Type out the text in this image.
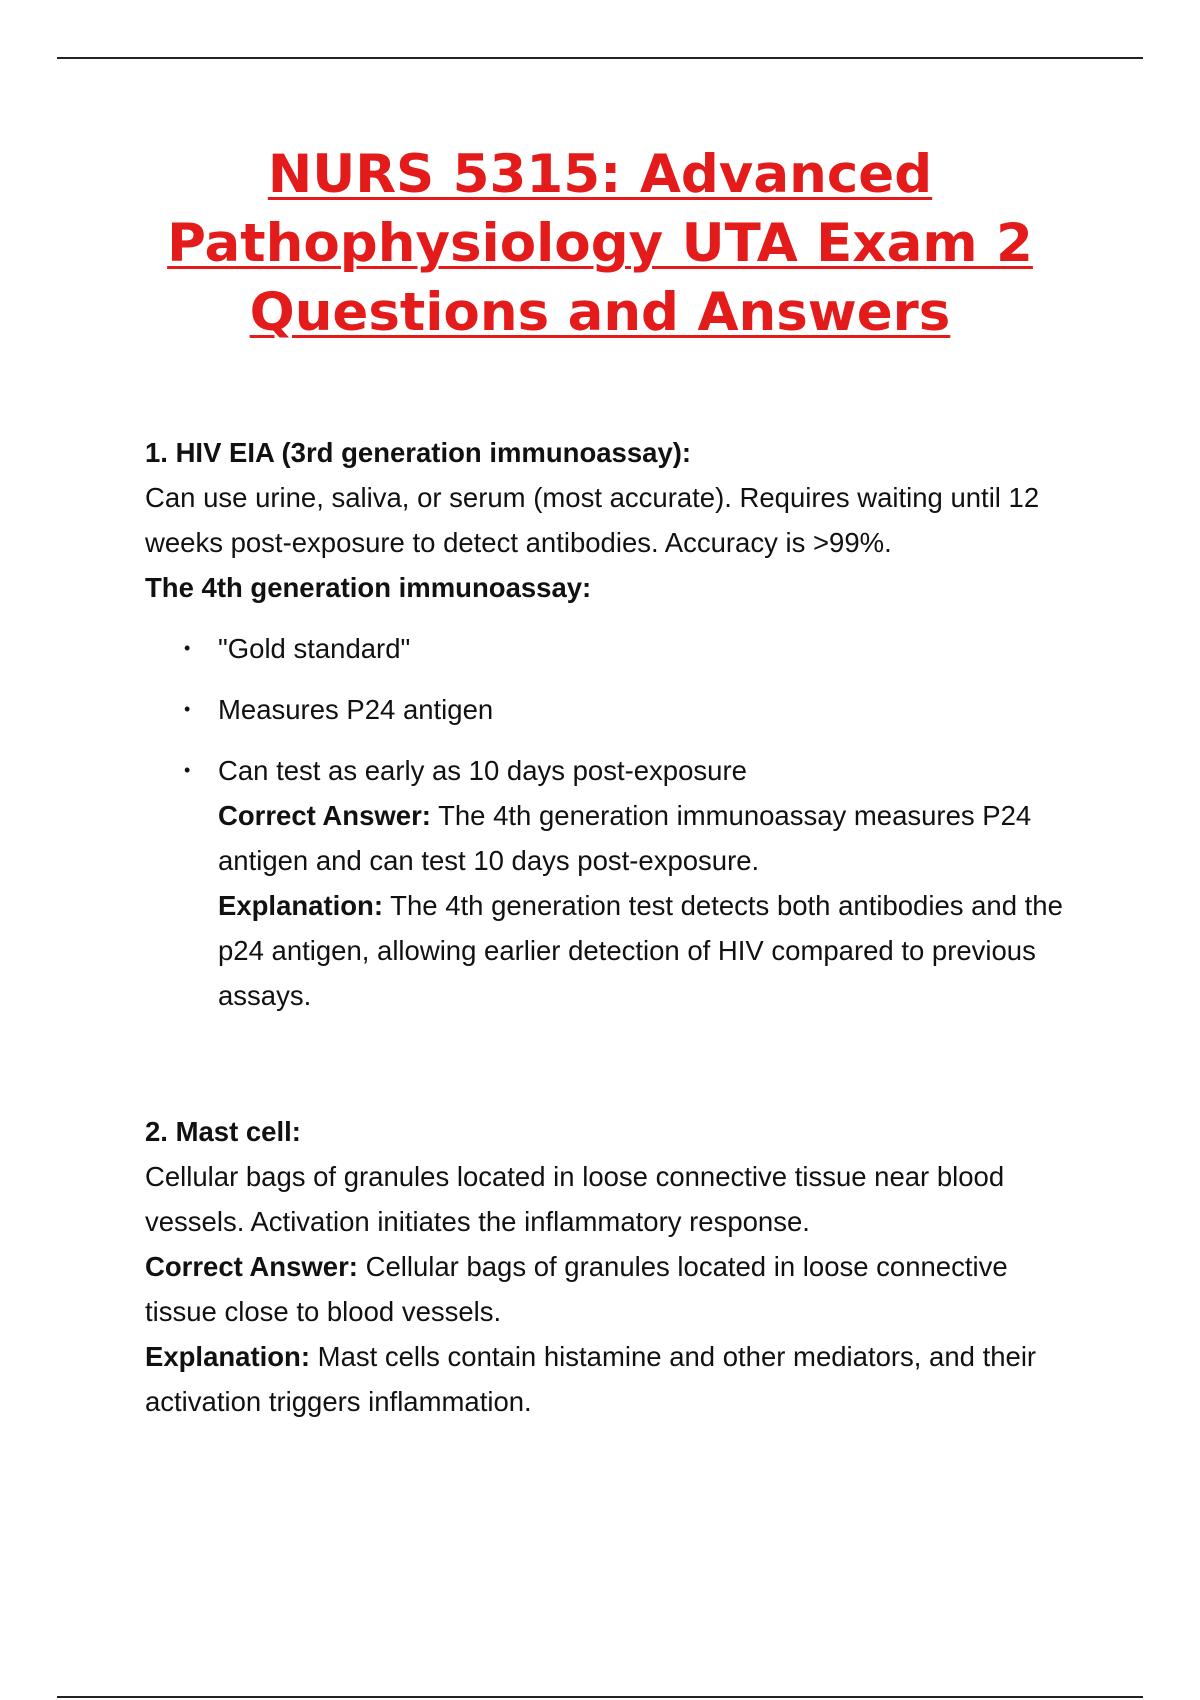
NURS 5315: Advanced
Pathophysiology UTA Exam 2
Questions and Answers

1. HIV EIA (3rd generation immunoassay):

Can use urine, saliva, or serum (most accurate). Requires waiting until 12 weeks post-exposure to detect antibodies. Accuracy is >99%.

The 4th generation immunoassay:

• "Gold standard"
• Measures P24 antigen
• Can test as early as 10 days post-exposure

Correct Answer: The 4th generation immunoassay measures P24 antigen and can test 10 days post-exposure.

Explanation: The 4th generation test detects both antibodies and the p24 antigen, allowing earlier detection of HIV compared to previous assays.

2. Mast cell:

Cellular bags of granules located in loose connective tissue near blood vessels. Activation initiates the inflammatory response.

Correct Answer: Cellular bags of granules located in loose connective tissue close to blood vessels.

Explanation: Mast cells contain histamine and other mediators, and their activation triggers inflammation.
